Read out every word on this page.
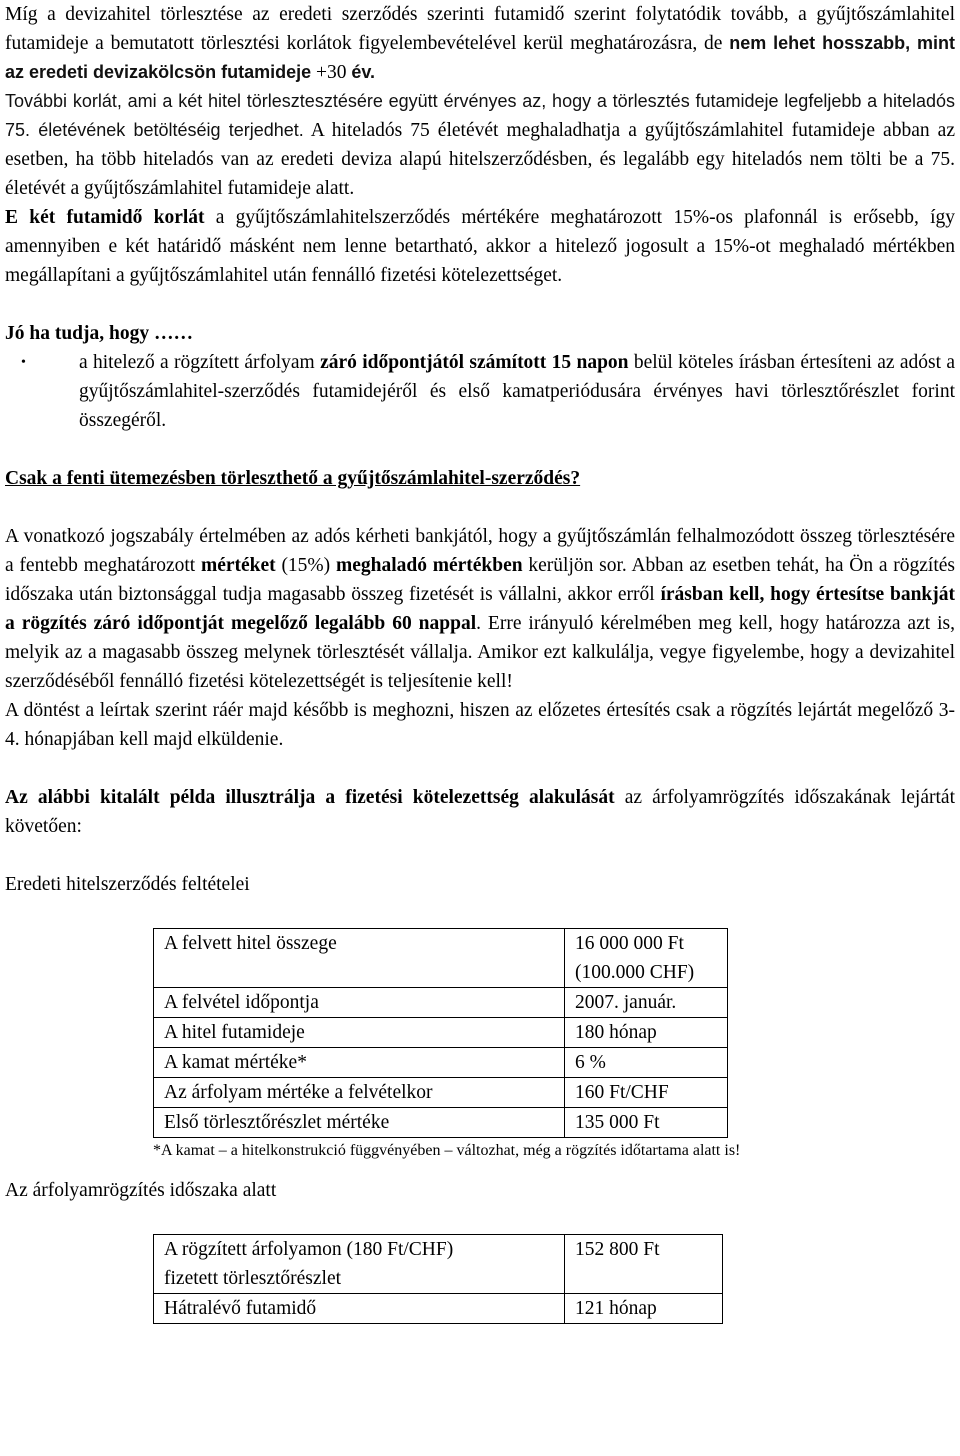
Míg a devizahitel törlesztése az eredeti szerződés szerinti futamidő szerint folytatódik tovább, a gyűjtőszámlahitel futamideje a bemutatott törlesztési korlátok figyelembevételével kerül meghatározásra, de nem lehet hosszabb, mint az eredeti devizakölcsön futamideje +30 év.

További korlát, ami a két hitel törlesztesztésére együtt érvényes az, hogy a törlesztés futamideje legfeljebb a hiteladós 75. életévének betöltéséig terjedhet. A hiteladós 75 életévét meghaladhatja a gyűjtőszámlahitel futamideje abban az esetben, ha több hiteladós van az eredeti deviza alapú hitelszerződésben, és legalább egy hiteladós nem tölti be a 75. életévét a gyűjtőszámlahitel futamideje alatt.

E két futamidő korlát a gyűjtőszámlahitelszerződés mértékére meghatározott 15%-os plafonnál is erősebb, így amennyiben e két határidő másként nem lenne betartható, akkor a hitelező jogosult a 15%-ot meghaladó mértékben megállapítani a gyűjtőszámlahitel után fennálló fizetési kötelezettséget.

Jó ha tudja, hogy ……

•	a hitelező a rögzített árfolyam záró időpontjától számított 15 napon belül köteles írásban értesíteni az adóst a gyűjtőszámlahitel-szerződés futamidejéről és első kamatperiódusára érvényes havi törlesztőrészlet forint összegéről.

Csak a fenti ütemezésben törleszthető a gyűjtőszámlahitel-szerződés?

A vonatkozó jogszabály értelmében az adós kérheti bankjától, hogy a gyűjtőszámlán felhalmozódott összeg törlesztésére a fentebb meghatározott mértéket (15%) meghaladó mértékben kerüljön sor. Abban az esetben tehát, ha Ön a rögzítés időszaka után biztonsággal tudja magasabb összeg fizetését is vállalni, akkor erről írásban kell, hogy értesítse bankját a rögzítés záró időpontját megelőző legalább 60 nappal. Erre irányuló kérelmében meg kell, hogy határozza azt is, melyik az a magasabb összeg melynek törlesztését vállalja. Amikor ezt kalkulálja, vegye figyelembe, hogy a devizahitel szerződéséből fennálló fizetési kötelezettségét is teljesítenie kell!

A döntést a leírtak szerint ráér majd később is meghozni, hiszen az előzetes értesítés csak a rögzítés lejártát megelőző 3-4. hónapjában kell majd elküldenie.

Az alábbi kitalált példa illusztrálja a fizetési kötelezettség alakulását az árfolyamrögzítés időszakának lejártát követően:

Eredeti hitelszerződés feltételei

A felvett hitel összege	16 000 000 Ft
(100.000 CHF)
A felvétel időpontja	2007. január.
A hitel futamideje	180 hónap
A kamat mértéke*	6 %
Az árfolyam mértéke a felvételkor	160 Ft/CHF
Első törlesztőrészlet mértéke	135 000 Ft

*A kamat – a hitelkonstrukció függvényében – változhat, még a rögzítés időtartama alatt is!

Az árfolyamrögzítés időszaka alatt

A rögzített árfolyamon (180 Ft/CHF)
fizetett törlesztőrészlet	152 800 Ft
Hátralévő futamidő	121 hónap
